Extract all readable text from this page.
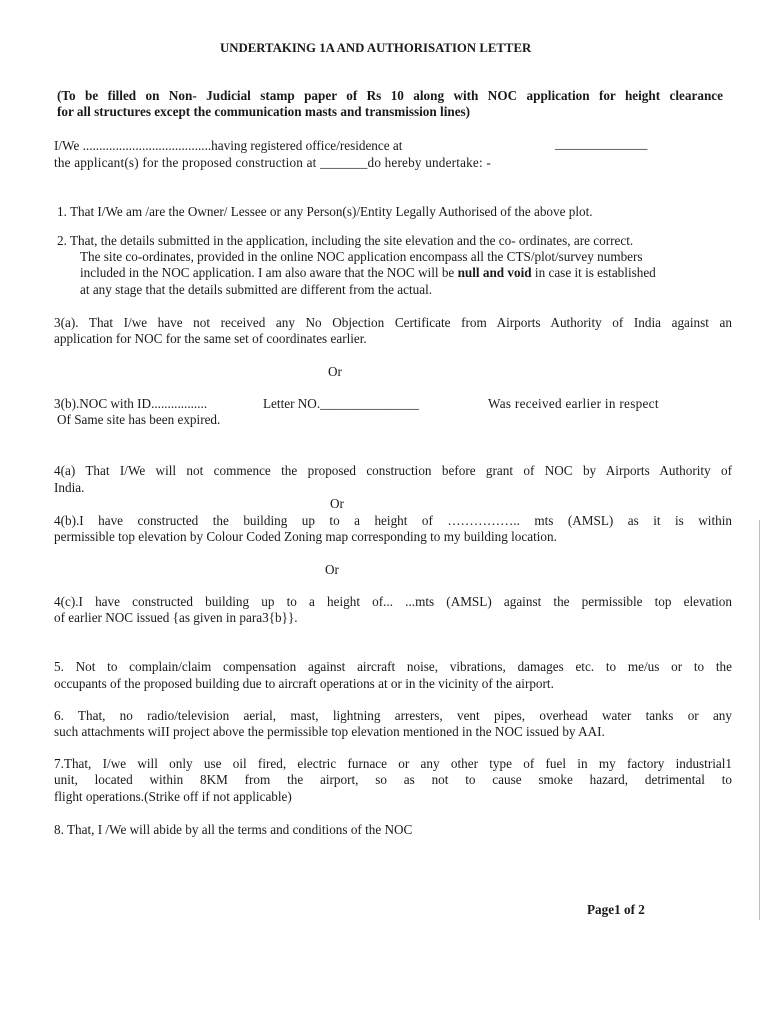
UNDERTAKING 1A AND AUTHORISATION LETTER
(To be filled on Non- Judicial stamp paper of Rs 10 along with NOC application for height clearance
for all structures except the communication masts and transmission lines)
I/We .......................................having registered office/residence at	______________
the applicant(s) for the proposed construction at _______do hereby undertake: -
1. That I/We am /are the Owner/ Lessee or any Person(s)/Entity Legally Authorised of the above plot.
2. That, the details submitted in the application, including the site elevation and the co- ordinates, are correct.
The site co-ordinates, provided in the online NOC application encompass all the CTS/plot/survey numbers
included in the NOC application. I am also aware that the NOC will be null and void in case it is established
at any stage that the details submitted are different from the actual.
3(a). That I/we have not received any No Objection Certificate from Airports Authority of India against an
application for NOC for the same set of coordinates earlier.
Or
3(b).NOC with ID.................	Letter NO._______________	Was received earlier in respect
Of Same site has been expired.
4(a) That I/We will not commence the proposed construction before grant of NOC by Airports Authority of
India.
Or
4(b).I have constructed the building up to a height of …………….. mts (AMSL) as it is within
permissible top elevation by Colour Coded Zoning map corresponding to my building location.
Or
4(c).I have constructed building up to a height of... ...mts (AMSL) against the permissible top elevation
of earlier NOC issued {as given in para3{b}}.
5. Not to complain/claim compensation against aircraft noise, vibrations, damages etc. to me/us or to the
occupants of the proposed building due to aircraft operations at or in the vicinity of the airport.
6. That, no radio/television aerial, mast, lightning arresters, vent pipes, overhead water tanks or any
such attachments wiII project above the permissible top elevation mentioned in the NOC issued by AAI.
7.That, I/we will only use oil fired, electric furnace or any other type of fuel in my factory industrial1
unit, located within 8KM from the airport, so as not to cause smoke hazard, detrimental to
flight operations.(Strike off if not applicable)
8. That, I /We will abide by all the terms and conditions of the NOC
Page1 of 2
